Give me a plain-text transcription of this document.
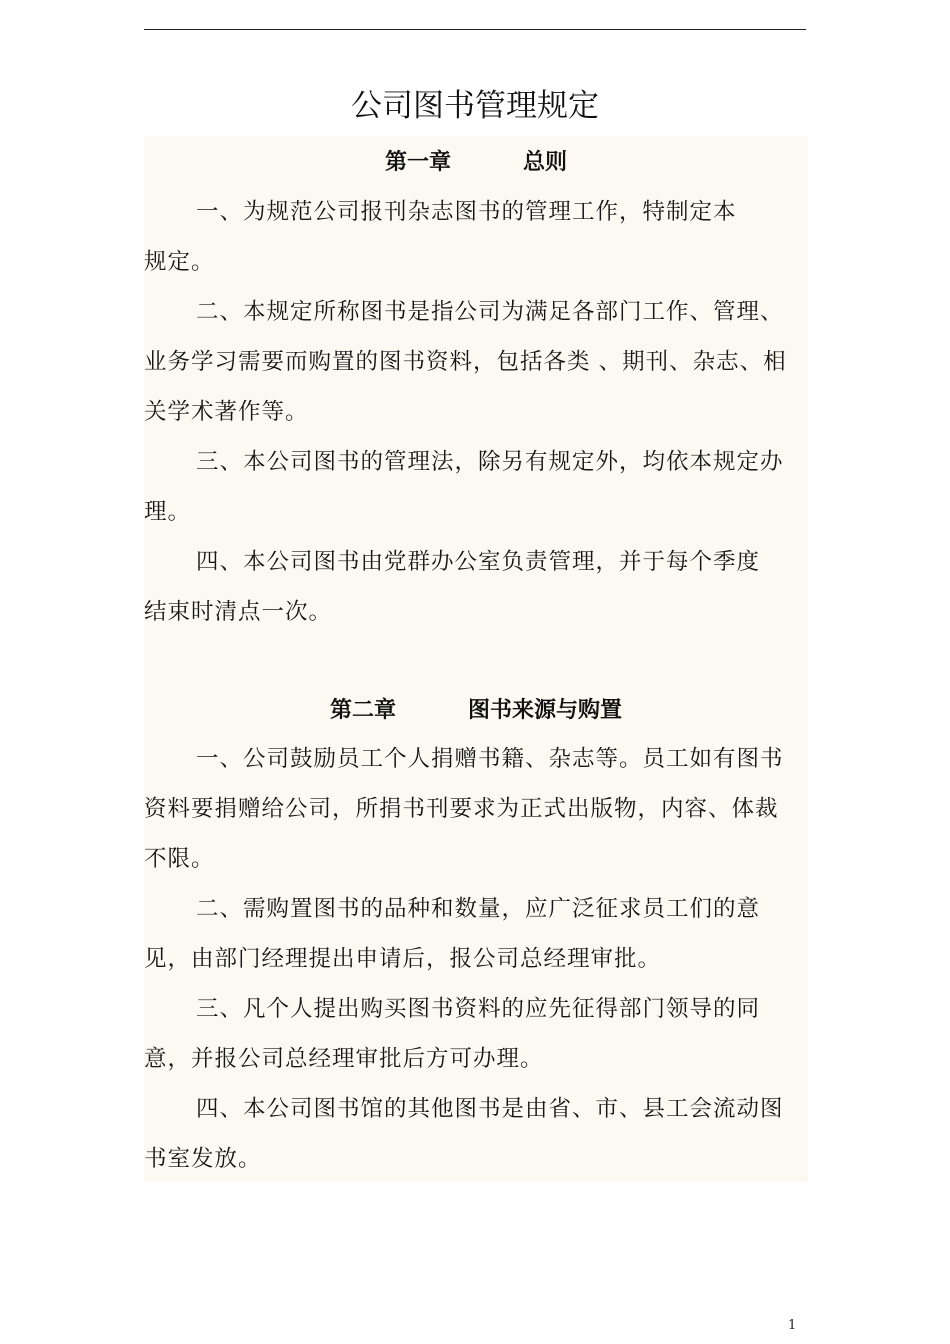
公司图书管理规定
第一章	总则
一、为规范公司报刊杂志图书的管理工作，特制定本
规定。
二、本规定所称图书是指公司为满足各部门工作、管理、
业务学习需要而购置的图书资料，包括各类 、期刊、杂志、相
关学术著作等。
三、本公司图书的管理法，除另有规定外，均依本规定办
理。
四、本公司图书由党群办公室负责管理，并于每个季度
结束时清点一次。
第二章	图书来源与购置
一、公司鼓励员工个人捐赠书籍、杂志等。员工如有图书
资料要捐赠给公司，所捐书刊要求为正式出版物，内容、体裁
不限。
二、需购置图书的品种和数量，应广泛征求员工们的意
见，由部门经理提出申请后，报公司总经理审批。
三、凡个人提出购买图书资料的应先征得部门领导的同
意，并报公司总经理审批后方可办理。
四、本公司图书馆的其他图书是由省、市、县工会流动图
书室发放。
1
